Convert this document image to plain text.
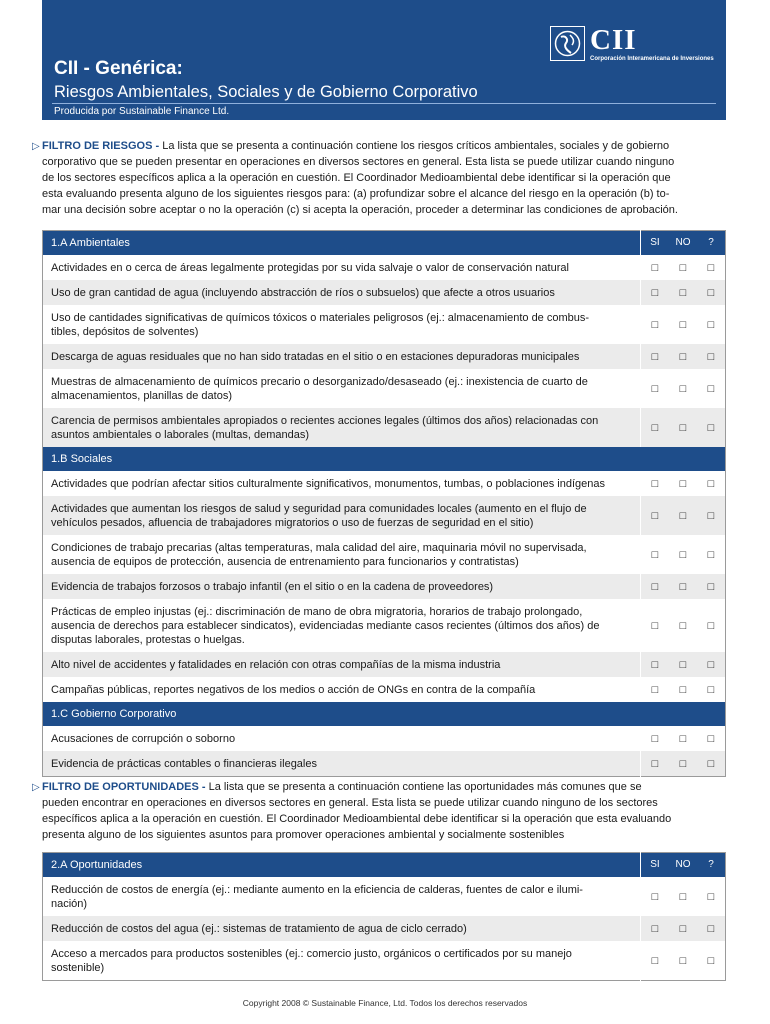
CII
Corporación Interamericana de Inversiones
CII - Genérica:
Riesgos Ambientales, Sociales y de Gobierno Corporativo
Producida por Sustainable Finance Ltd.
▷ FILTRO DE RIESGOS - La lista que se presenta a continuación contiene los riesgos críticos ambientales, sociales y de gobierno
corporativo que se pueden presentar en operaciones en diversos sectores en general. Esta lista se puede utilizar cuando ninguno
de los sectores específicos aplica a la operación en cuestión. El Coordinador Medioambiental debe identificar si la operación que
esta evaluando presenta alguno de los siguientes riesgos para: (a) profundizar sobre el alcance del riesgo en la operación (b) to-
mar una decisión sobre aceptar o no la operación (c) si acepta la operación, proceder a determinar las condiciones de aprobación.

1.A Ambientales	SI	NO	?
Actividades en o cerca de áreas legalmente protegidas por su vida salvaje o valor de conservación natural	□	□	□
Uso de gran cantidad de agua (incluyendo abstracción de ríos o subsuelos) que afecte a otros usuarios	□	□	□
Uso de cantidades significativas de químicos tóxicos o materiales peligrosos (ej.: almacenamiento de combus-
tibles, depósitos de solventes)	□	□	□
Descarga de aguas residuales que no han sido tratadas en el sitio o en estaciones depuradoras municipales	□	□	□
Muestras de almacenamiento de químicos precario o desorganizado/desaseado (ej.: inexistencia de cuarto de
almacenamientos, planillas de datos)	□	□	□
Carencia de permisos ambientales apropiados o recientes acciones legales (últimos dos años) relacionadas con
asuntos ambientales o laborales (multas, demandas)	□	□	□
1.B Sociales			
Actividades que podrían afectar sitios culturalmente significativos, monumentos, tumbas, o poblaciones indígenas	□	□	□
Actividades que aumentan los riesgos de salud y seguridad para comunidades locales (aumento en el flujo de
vehículos pesados, afluencia de trabajadores migratorios o uso de fuerzas de seguridad en el sitio)	□	□	□
Condiciones de trabajo precarias (altas temperaturas, mala calidad del aire, maquinaria móvil no supervisada,
ausencia de equipos de protección, ausencia de entrenamiento para funcionarios y contratistas)	□	□	□
Evidencia de trabajos forzosos o trabajo infantil (en el sitio o en la cadena de proveedores)	□	□	□
Prácticas de empleo injustas (ej.: discriminación de mano de obra migratoria, horarios de trabajo prolongado,
ausencia de derechos para establecer sindicatos), evidenciadas mediante casos recientes (últimos dos años) de
disputas laborales, protestas o huelgas.	□	□	□
Alto nivel de accidentes y fatalidades en relación con otras compañías de la misma industria	□	□	□
Campañas públicas, reportes negativos de los medios o acción de ONGs en contra de la compañía	□	□	□
1.C Gobierno Corporativo			
Acusaciones de corrupción o soborno	□	□	□
Evidencia de prácticas contables o financieras ilegales	□	□	□
▷ FILTRO DE OPORTUNIDADES - La lista que se presenta a continuación contiene las oportunidades más comunes que se
pueden encontrar en operaciones en diversos sectores en general. Esta lista se puede utilizar cuando ninguno de los sectores
específicos aplica a la operación en cuestión. El Coordinador Medioambiental debe identificar si la operación que esta evaluando
presenta alguno de los siguientes asuntos para promover operaciones ambiental y socialmente sostenibles

2.A Oportunidades	SI	NO	?
Reducción de costos de energía (ej.: mediante aumento en la eficiencia de calderas, fuentes de calor e ilumi-
nación)	□	□	□
Reducción de costos del agua (ej.: sistemas de tratamiento de agua de ciclo cerrado)	□	□	□
Acceso a mercados para productos sostenibles (ej.: comercio justo, orgánicos o certificados por su manejo
sostenible)	□	□	□
Copyright 2008 © Sustainable Finance, Ltd. Todos los derechos reservados
